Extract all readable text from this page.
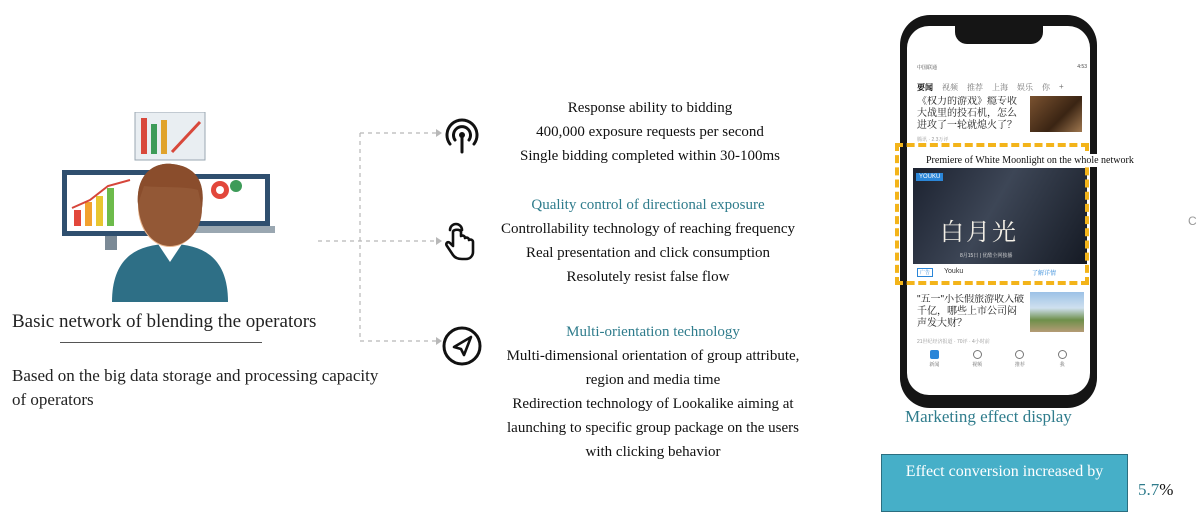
Basic network of blending the operators
Based on the big data storage and processing capacity of operators
Response ability to bidding
400,000 exposure requests per second
Single bidding completed within 30-100ms
Quality control of directional exposure
Controllability technology of reaching frequency
Real presentation and click consumption
Resolutely resist false flow
Multi-orientation technology
Multi-dimensional orientation of group attribute,
region and media time
Redirection technology of Lookalike aiming at
launching to specific group package on the users
with clicking behavior
中国联通	4:53
要闻 视频 推荐 上海 娱乐 你 +
《权力的游戏》瘾专收大战里的投石机，怎么进攻了一轮就熄火了？
腾讯 · 2.3万评
YOUKU
白月光
8月15日 | 优酷全网独播
广告	Youku	了解详情
Premiere of White Moonlight on the whole network
"五一"小长假旅游收入破千亿，哪些上市公司闷声发大财？
21世纪经济报道 · 70评 · 4小时前
新闻	视频	推荐	我
Marketing effect display
Effect conversion increased by
5.7%
C
